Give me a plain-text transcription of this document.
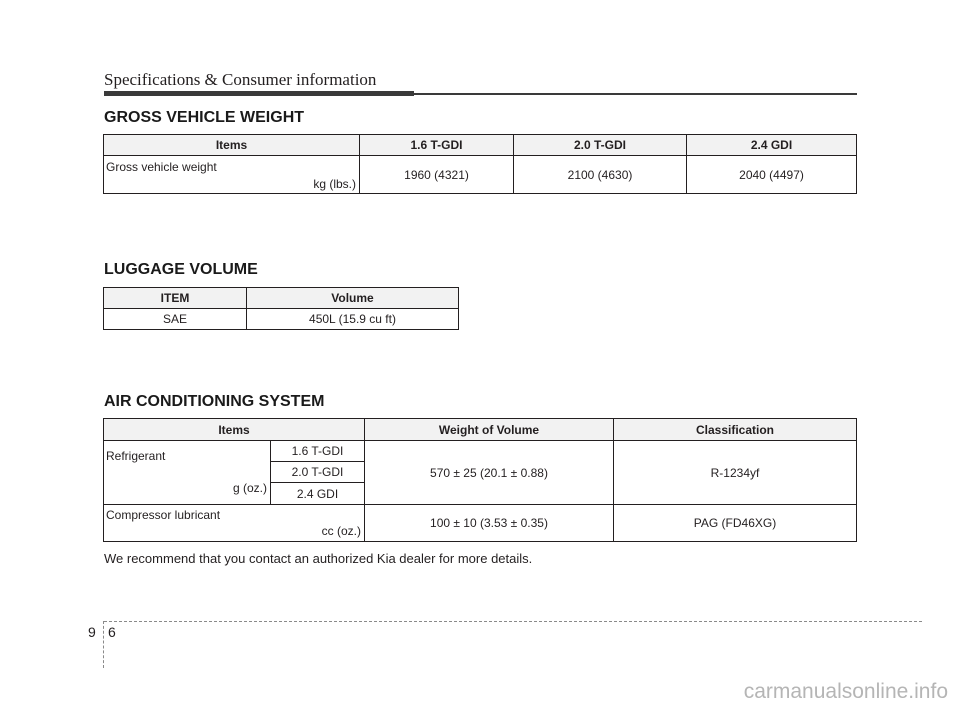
Specifications & Consumer information
GROSS VEHICLE WEIGHT
Items	1.6 T-GDI	2.0 T-GDI	2.4 GDI

Gross vehicle weight
kg (lbs.)	1960 (4321)	2100 (4630)	2040 (4497)
LUGGAGE VOLUME
ITEM	Volume
SAE	450L (15.9 cu ft)
AIR CONDITIONING SYSTEM
Items		Weight of Volume	Classification

Refrigerant
g (oz.)	1.6 T-GDI	570 ± 25 (20.1 ± 0.88)	R-1234yf
	2.0 T-GDI		
	2.4 GDI		

Compressor lubricant
cc (oz.)		100 ± 10 (3.53 ± 0.35)	PAG (FD46XG)
We recommend that you contact an authorized Kia dealer for more details.
9 6
carmanualsonline.info
